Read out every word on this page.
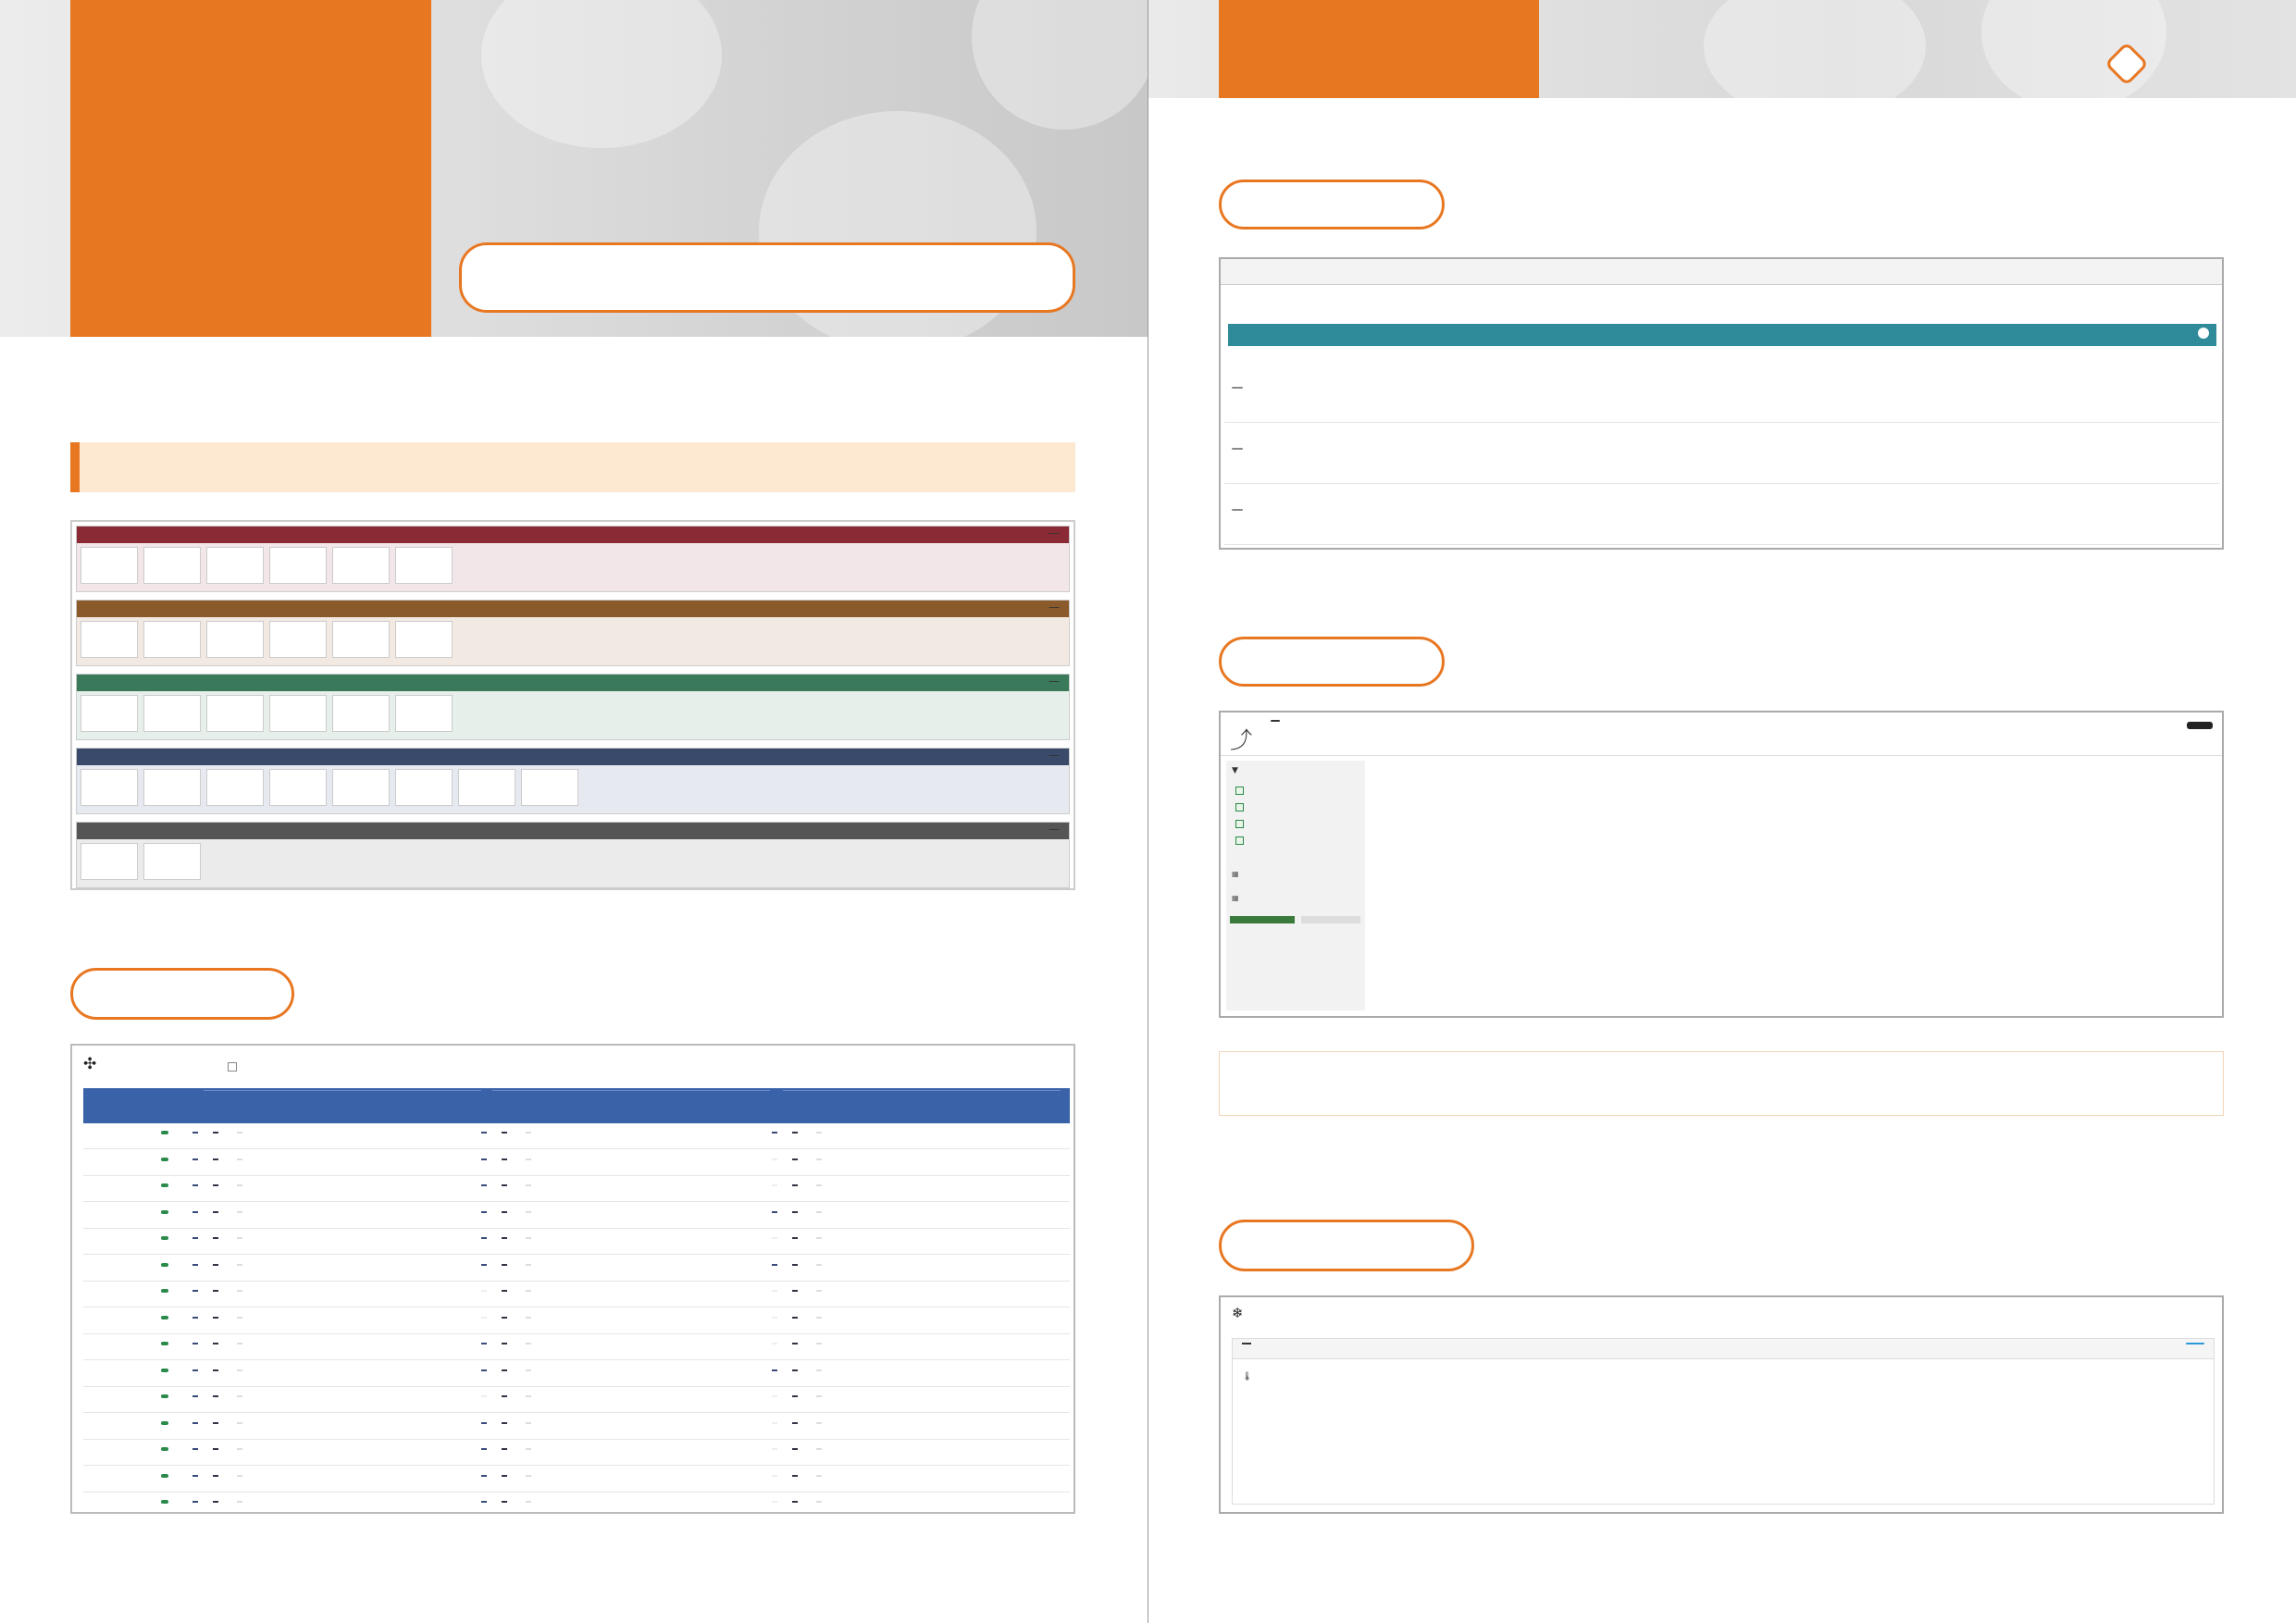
—
—
—
—
—
✣
⤴
▼
▦
▦

❄
🌡
